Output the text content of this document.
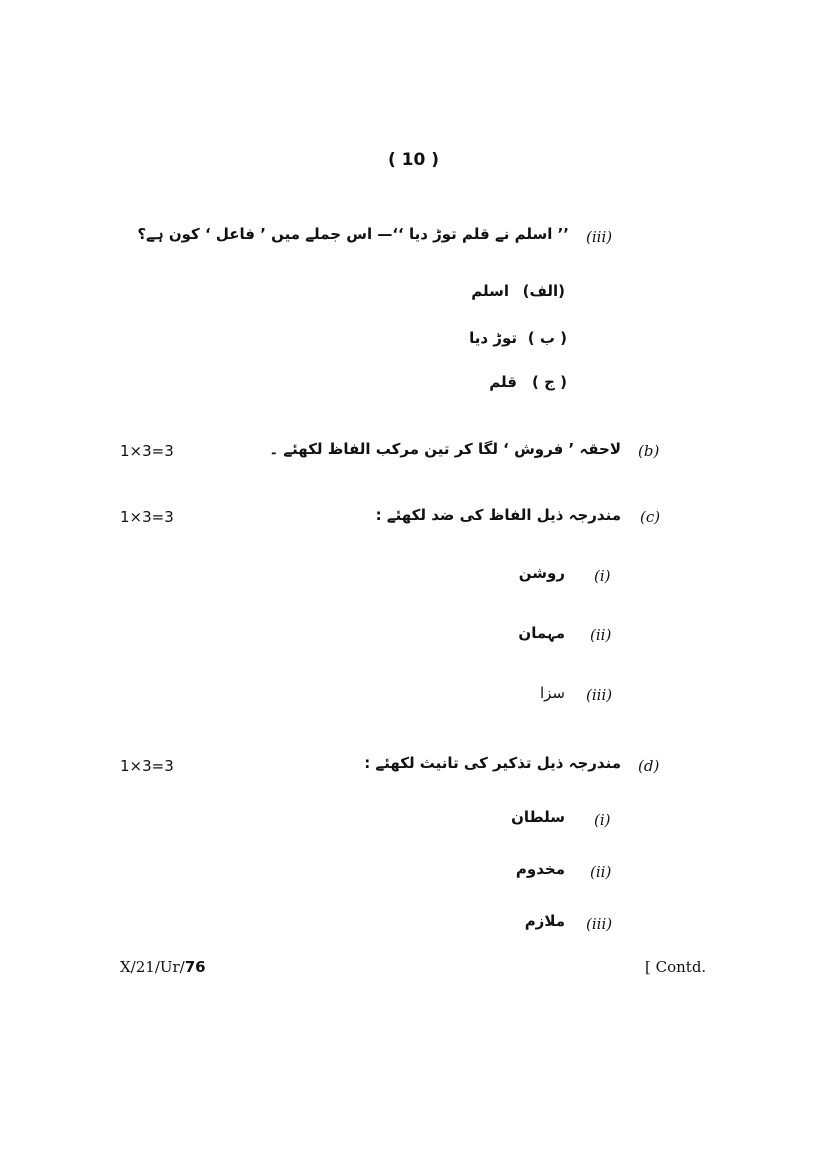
( 10 )
(iii)
’’ اسلم نے قلم توڑ دیا ‘‘— اس جملے میں ’ فاعل ‘ کون ہے؟
(الف)
اسلم
( ب )
توڑ دیا
( ج )
قلم
1×3=3	لاحقہ ’ فروش ‘ لگا کر تین مرکب الفاظ لکھئے ۔ (b)
1×3=3	مندرجہ ذیل الفاظ کی ضد لکھئے : (c)
(i)
روشن
(ii)
مہمان
(iii)
سزا
1×3=3	مندرجہ ذیل تذکیر کی تانیث لکھئے : (d)
(i)
سلطان
(ii)
مخدوم
(iii)
ملازم
X/21/Ur/76	[ Contd.
